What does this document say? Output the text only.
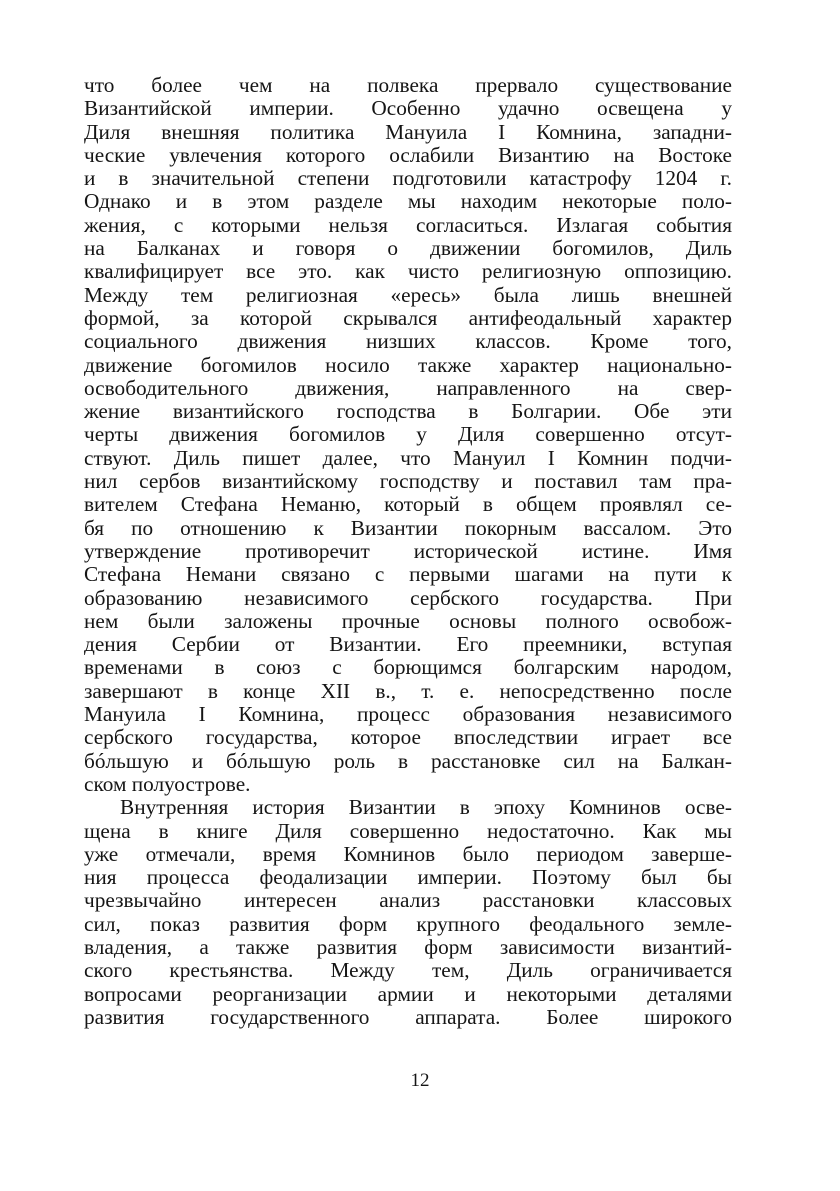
что более чем на полвека прервало существование
Византийской империи. Особенно удачно освещена у
Диля внешняя политика Мануила I Комнина, западни-
ческие увлечения которого ослабили Византию на Востоке
и в значительной степени подготовили катастрофу 1204 г.
Однако и в этом разделе мы находим некоторые поло-
жения, с которыми нельзя согласиться. Излагая события
на Балканах и говоря о движении богомилов, Диль
квалифицирует все это. как чисто религиозную оппозицию.
Между тем религиозная «ересь» была лишь внешней
формой, за которой скрывался антифеодальный характер
социального движения низших классов. Кроме того,
движение богомилов носило также характер национально-
освободительного движения, направленного на свер-
жение византийского господства в Болгарии. Обе эти
черты движения богомилов у Диля совершенно отсут-
ствуют. Диль пишет далее, что Мануил I Комнин подчи-
нил сербов византийскому господству и поставил там пра-
вителем Стефана Неманю, который в общем проявлял се-
бя по отношению к Византии покорным вассалом. Это
утверждение противоречит исторической истине. Имя
Стефана Немани связано с первыми шагами на пути к
образованию независимого сербского государства. При
нем были заложены прочные основы полного освобож-
дения Сербии от Византии. Его преемники, вступая
временами в союз с борющимся болгарским народом,
завершают в конце XII в., т. е. непосредственно после
Мануила I Комнина, процесс образования независимого
сербского государства, которое впоследствии играет все
бóльшую и бóльшую роль в расстановке сил на Балкан-
ском полуострове.
Внутренняя история Византии в эпоху Комнинов осве-
щена в книге Диля совершенно недостаточно. Как мы
уже отмечали, время Комнинов было периодом заверше-
ния процесса феодализации империи. Поэтому был бы
чрезвычайно интересен анализ расстановки классовых
сил, показ развития форм крупного феодального земле-
владения, а также развития форм зависимости византий-
ского крестьянства. Между тем, Диль ограничивается
вопросами реорганизации армии и некоторыми деталями
развития государственного аппарата. Более широкого
12
